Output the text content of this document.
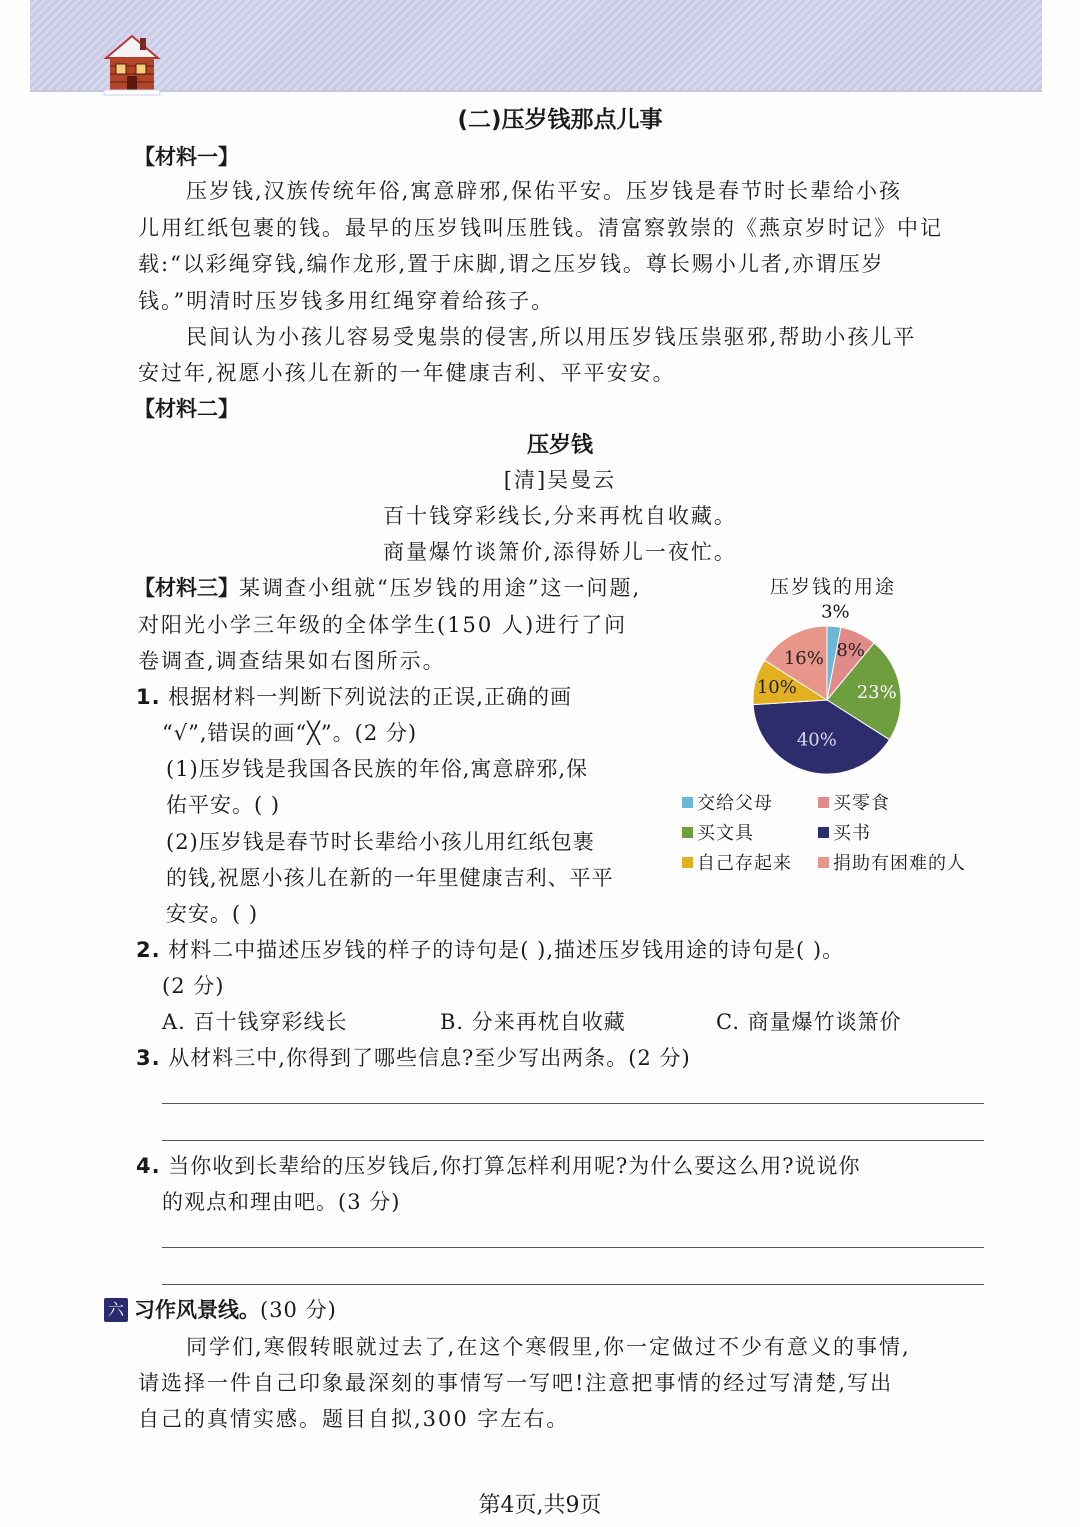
(二)压岁钱那点儿事
【材料一】
压岁钱,汉族传统年俗,寓意辟邪,保佑平安。压岁钱是春节时长辈给小孩
儿用红纸包裹的钱。最早的压岁钱叫压胜钱。清富察敦崇的《燕京岁时记》中记
载:“以彩绳穿钱,编作龙形,置于床脚,谓之压岁钱。尊长赐小儿者,亦谓压岁
钱。”明清时压岁钱多用红绳穿着给孩子。
民间认为小孩儿容易受鬼祟的侵害,所以用压岁钱压祟驱邪,帮助小孩儿平
安过年,祝愿小孩儿在新的一年健康吉利、平平安安。
【材料二】
压岁钱
[清]吴曼云
百十钱穿彩线长,分来再枕自收藏。
商量爆竹谈箫价,添得娇儿一夜忙。
【材料三】某调查小组就“压岁钱的用途”这一问题,
对阳光小学三年级的全体学生(150 人)进行了问
卷调查,调查结果如右图所示。
压岁钱的用途
3%
8%
23%
40%
10%
16%
交给父母	买零食
买文具	买书
自己存起来	捐助有困难的人
1. 根据材料一判断下列说法的正误,正确的画
“√”,错误的画“╳”。(2 分)
(1)压岁钱是我国各民族的年俗,寓意辟邪,保
佑平安。( )
(2)压岁钱是春节时长辈给小孩儿用红纸包裹
的钱,祝愿小孩儿在新的一年里健康吉利、平平
安安。( )
2. 材料二中描述压岁钱的样子的诗句是( ),描述压岁钱用途的诗句是( )。
(2 分)
A. 百十钱穿彩线长	B. 分来再枕自收藏	C. 商量爆竹谈箫价
3. 从材料三中,你得到了哪些信息?至少写出两条。(2 分)
4. 当你收到长辈给的压岁钱后,你打算怎样利用呢?为什么要这么用?说说你
的观点和理由吧。(3 分)
六 习作风景线。(30 分)
同学们,寒假转眼就过去了,在这个寒假里,你一定做过不少有意义的事情,
请选择一件自己印象最深刻的事情写一写吧!注意把事情的经过写清楚,写出
自己的真情实感。题目自拟,300 字左右。
第4页,共9页
